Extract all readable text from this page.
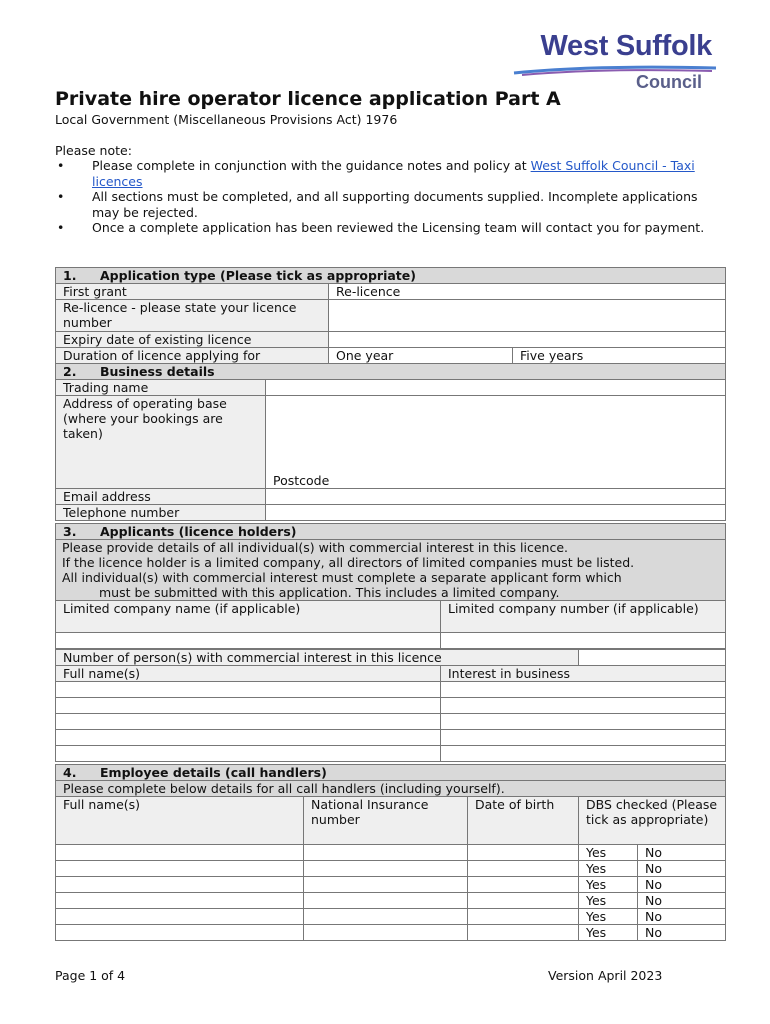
West Suffolk
Council
Private hire operator licence application Part A
Local Government (Miscellaneous Provisions Act) 1976
Please note:
• Please complete in conjunction with the guidance notes and policy at West Suffolk Council - Taxi licences
• All sections must be completed, and all supporting documents supplied. Incomplete applications may be rejected.
• Once a complete application has been reviewed the Licensing team will contact you for payment.
1. Application type (Please tick as appropriate)			
First grant		Re-licence	
Re-licence - please state your licence number			
Expiry date of existing licence			
Duration of licence applying for		One year	Five years
2. Business details			
Trading name			
Address of operating base (where your bookings are taken)	Postcode		
Email address			
Telephone number			
3. Applicants (licence holders)		

Please provide details of all individual(s) with commercial interest in this licence.
If the licence holder is a limited company, all directors of limited companies must be listed.
All individual(s) with commercial interest must complete a separate applicant form which
must be submitted with this application. This includes a limited company.		

Limited company name (if applicable)	Limited company number (if applicable)	

Number of person(s) with commercial interest in this licence		
Full name(s)	Interest in business	

4. Employee details (call handlers)				
Please complete below details for all call handlers (including yourself).				
Full name(s)	National Insurance number	Date of birth	DBS checked (Please tick as appropriate)	
			Yes	No
			Yes	No
			Yes	No
			Yes	No
			Yes	No
			Yes	No
Page 1 of 4	Version April 2023
